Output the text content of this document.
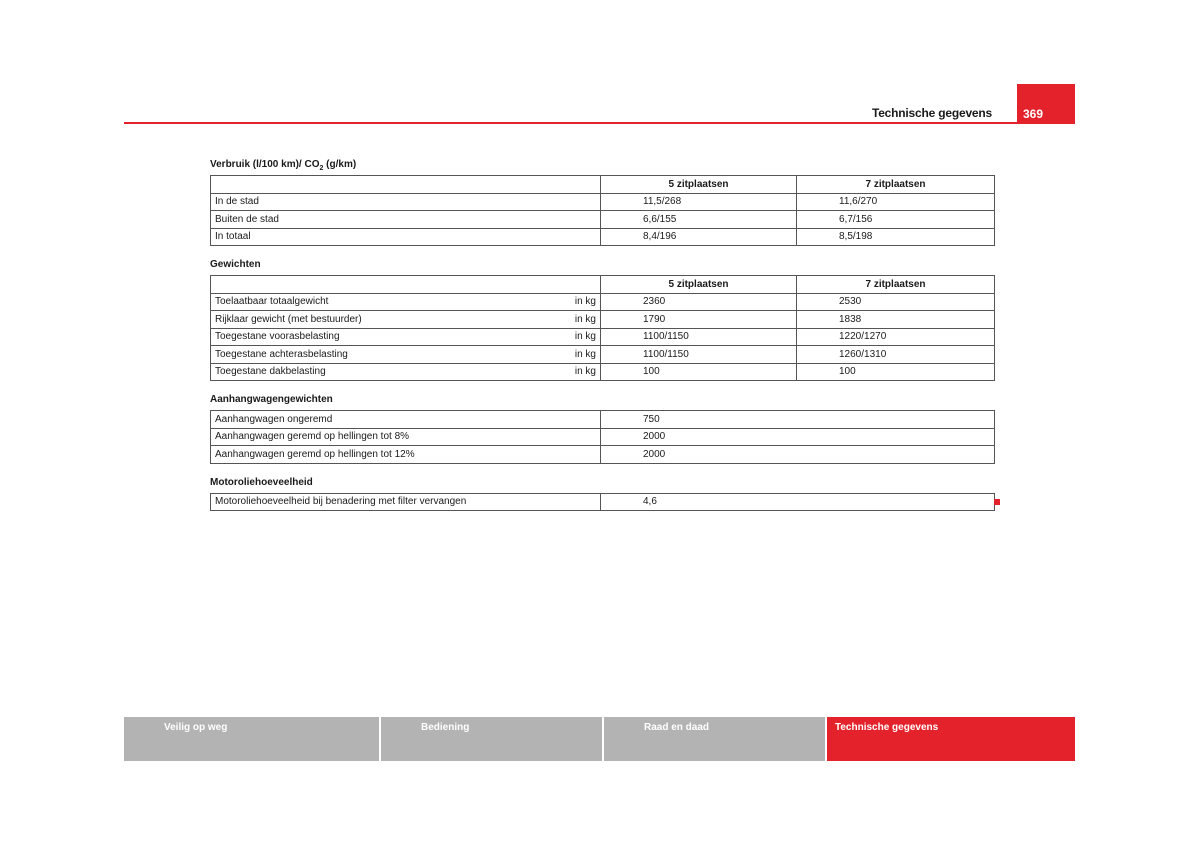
369
Technische gegevens
Verbruik (l/100 km)/ $CO_2$ (g/km)
	5 zitplaatsen	7 zitplaatsen
In de stad	11,5/268	11,6/270
Buiten de stad	6,6/155	6,7/156
In totaal	8,4/196	8,5/198
Gewichten
	5 zitplaatsen	7 zitplaatsen

Toelaatbaar totaalgewicht in kg	2360	2530

Rijklaar gewicht (met bestuurder) in kg	1790	1838

Toegestane voorasbelasting in kg	1100/1150	1220/1270

Toegestane achterasbelasting in kg	1100/1150	1260/1310

Toegestane dakbelasting in kg	100	100
Aanhangwagengewichten
Aanhangwagen ongeremd	750
Aanhangwagen geremd op hellingen tot 8%	2000
Aanhangwagen geremd op hellingen tot 12%	2000
Motoroliehoeveelheid
Motoroliehoeveelheid bij benadering met filter vervangen	4,6
Veilig op weg	Bediening	Raad en daad	Technische gegevens
